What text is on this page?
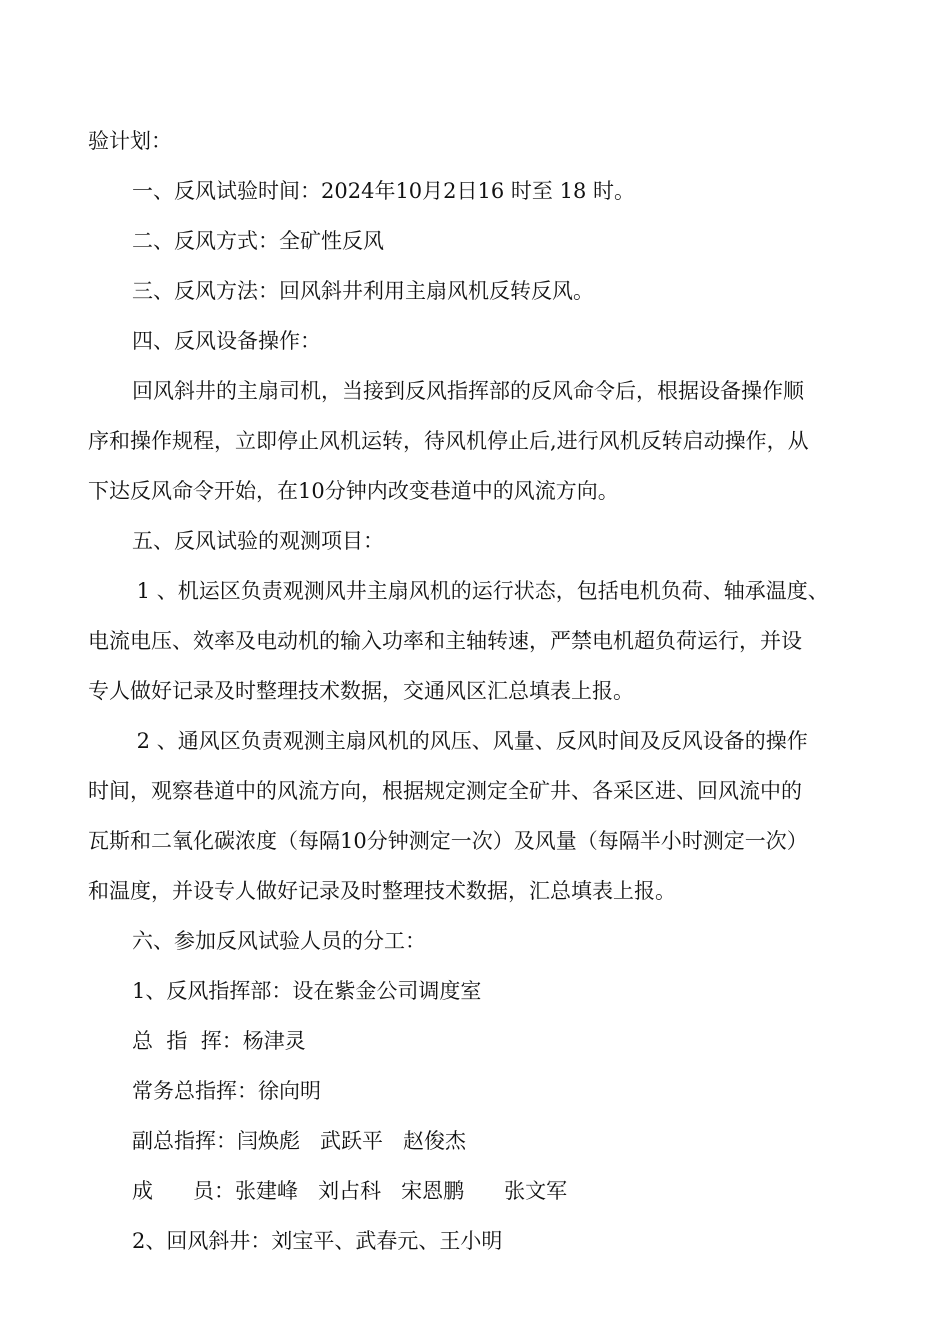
验计划：

一、反风试验时间：2024年10月2日16 时至 18 时。

二、反风方式：全矿性反风

三、反风方法：回风斜井利用主扇风机反转反风。

四、反风设备操作：

回风斜井的主扇司机，当接到反风指挥部的反风命令后，根据设备操作顺

序和操作规程，立即停止风机运转，待风机停止后,进行风机反转启动操作，从

下达反风命令开始，在10分钟内改变巷道中的风流方向。

五、反风试验的观测项目：

1 、机运区负责观测风井主扇风机的运行状态，包括电机负荷、轴承温度、

电流电压、效率及电动机的输入功率和主轴转速，严禁电机超负荷运行，并设

专人做好记录及时整理技术数据，交通风区汇总填表上报。

2 、通风区负责观测主扇风机的风压、风量、反风时间及反风设备的操作

时间，观察巷道中的风流方向，根据规定测定全矿井、各采区进、回风流中的

瓦斯和二氧化碳浓度（每隔10分钟测定一次）及风量（每隔半小时测定一次）

和温度，并设专人做好记录及时整理技术数据，汇总填表上报。

六、参加反风试验人员的分工：

1、反风指挥部：设在紫金公司调度室

总  指  挥：杨津灵

常务总指挥：徐向明

副总指挥：闫焕彪   武跃平   赵俊杰

成      员：张建峰   刘占科   宋恩鹏      张文军

2、回风斜井：刘宝平、武春元、王小明
